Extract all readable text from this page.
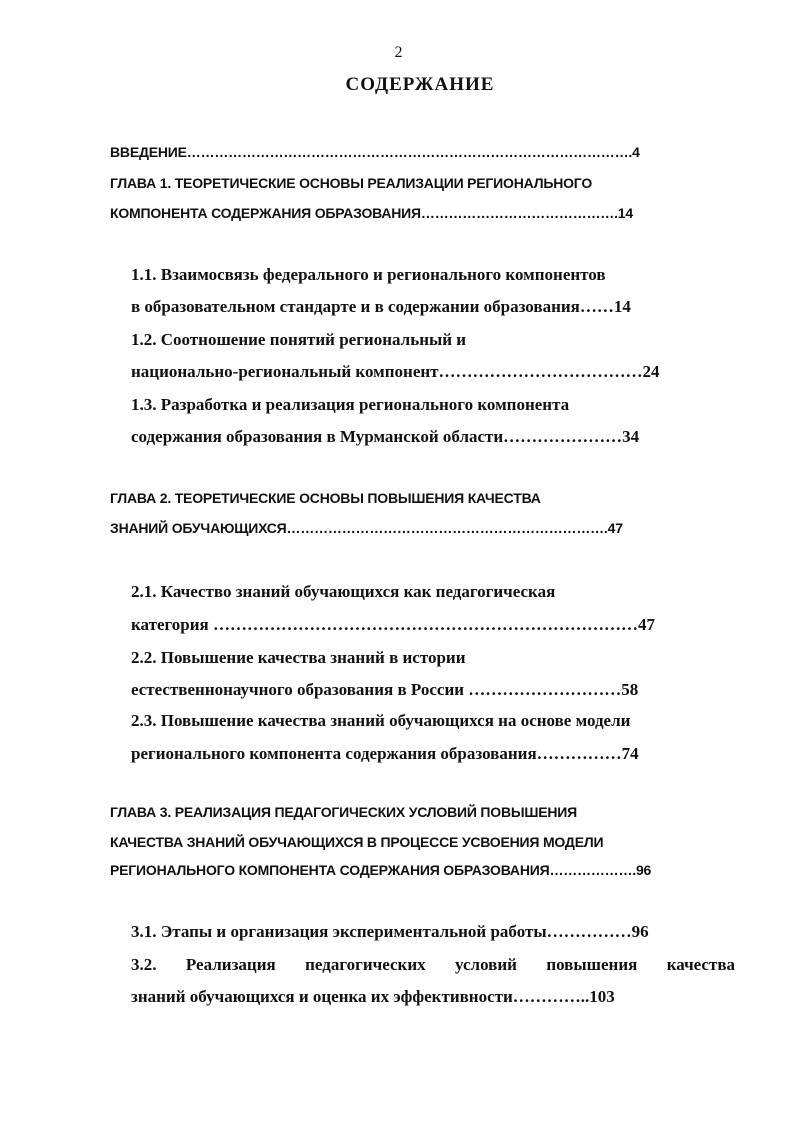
2
СОДЕРЖАНИЕ
ВВЕДЕНИЕ…………………………………………………………………………………….4
ГЛАВА 1. ТЕОРЕТИЧЕСКИЕ ОСНОВЫ РЕАЛИЗАЦИИ РЕГИОНАЛЬНОГО
КОМПОНЕНТА СОДЕРЖАНИЯ ОБРАЗОВАНИЯ…………………………………….14
1.1. Взаимосвязь федерального и регионального компонентов
в образовательном стандарте и в содержании образования……14
1.2. Соотношение понятий региональный и
национально-региональный компонент………………………………24
1.3. Разработка и реализация регионального компонента
содержания образования в Мурманской области…………………34
ГЛАВА 2. ТЕОРЕТИЧЕСКИЕ ОСНОВЫ ПОВЫШЕНИЯ КАЧЕСТВА
ЗНАНИЙ ОБУЧАЮЩИХСЯ…………………………………………………………….47
2.1. Качество знаний обучающихся как педагогическая
категория …………………………………………………………………47
2.2. Повышение качества знаний в истории
естественнонаучного образования в России ………………………58
2.3. Повышение качества знаний обучающихся на основе модели
регионального компонента содержания образования……………74
ГЛАВА 3. РЕАЛИЗАЦИЯ ПЕДАГОГИЧЕСКИХ УСЛОВИЙ ПОВЫШЕНИЯ
КАЧЕСТВА ЗНАНИЙ ОБУЧАЮЩИХСЯ В ПРОЦЕССЕ УСВОЕНИЯ МОДЕЛИ
РЕГИОНАЛЬНОГО КОМПОНЕНТА СОДЕРЖАНИЯ ОБРАЗОВАНИЯ……………….96
3.1. Этапы и организация экспериментальной работы……………96
3.2. Реализация педагогических условий повышения качества
знаний обучающихся и оценка их эффективности…………..103
